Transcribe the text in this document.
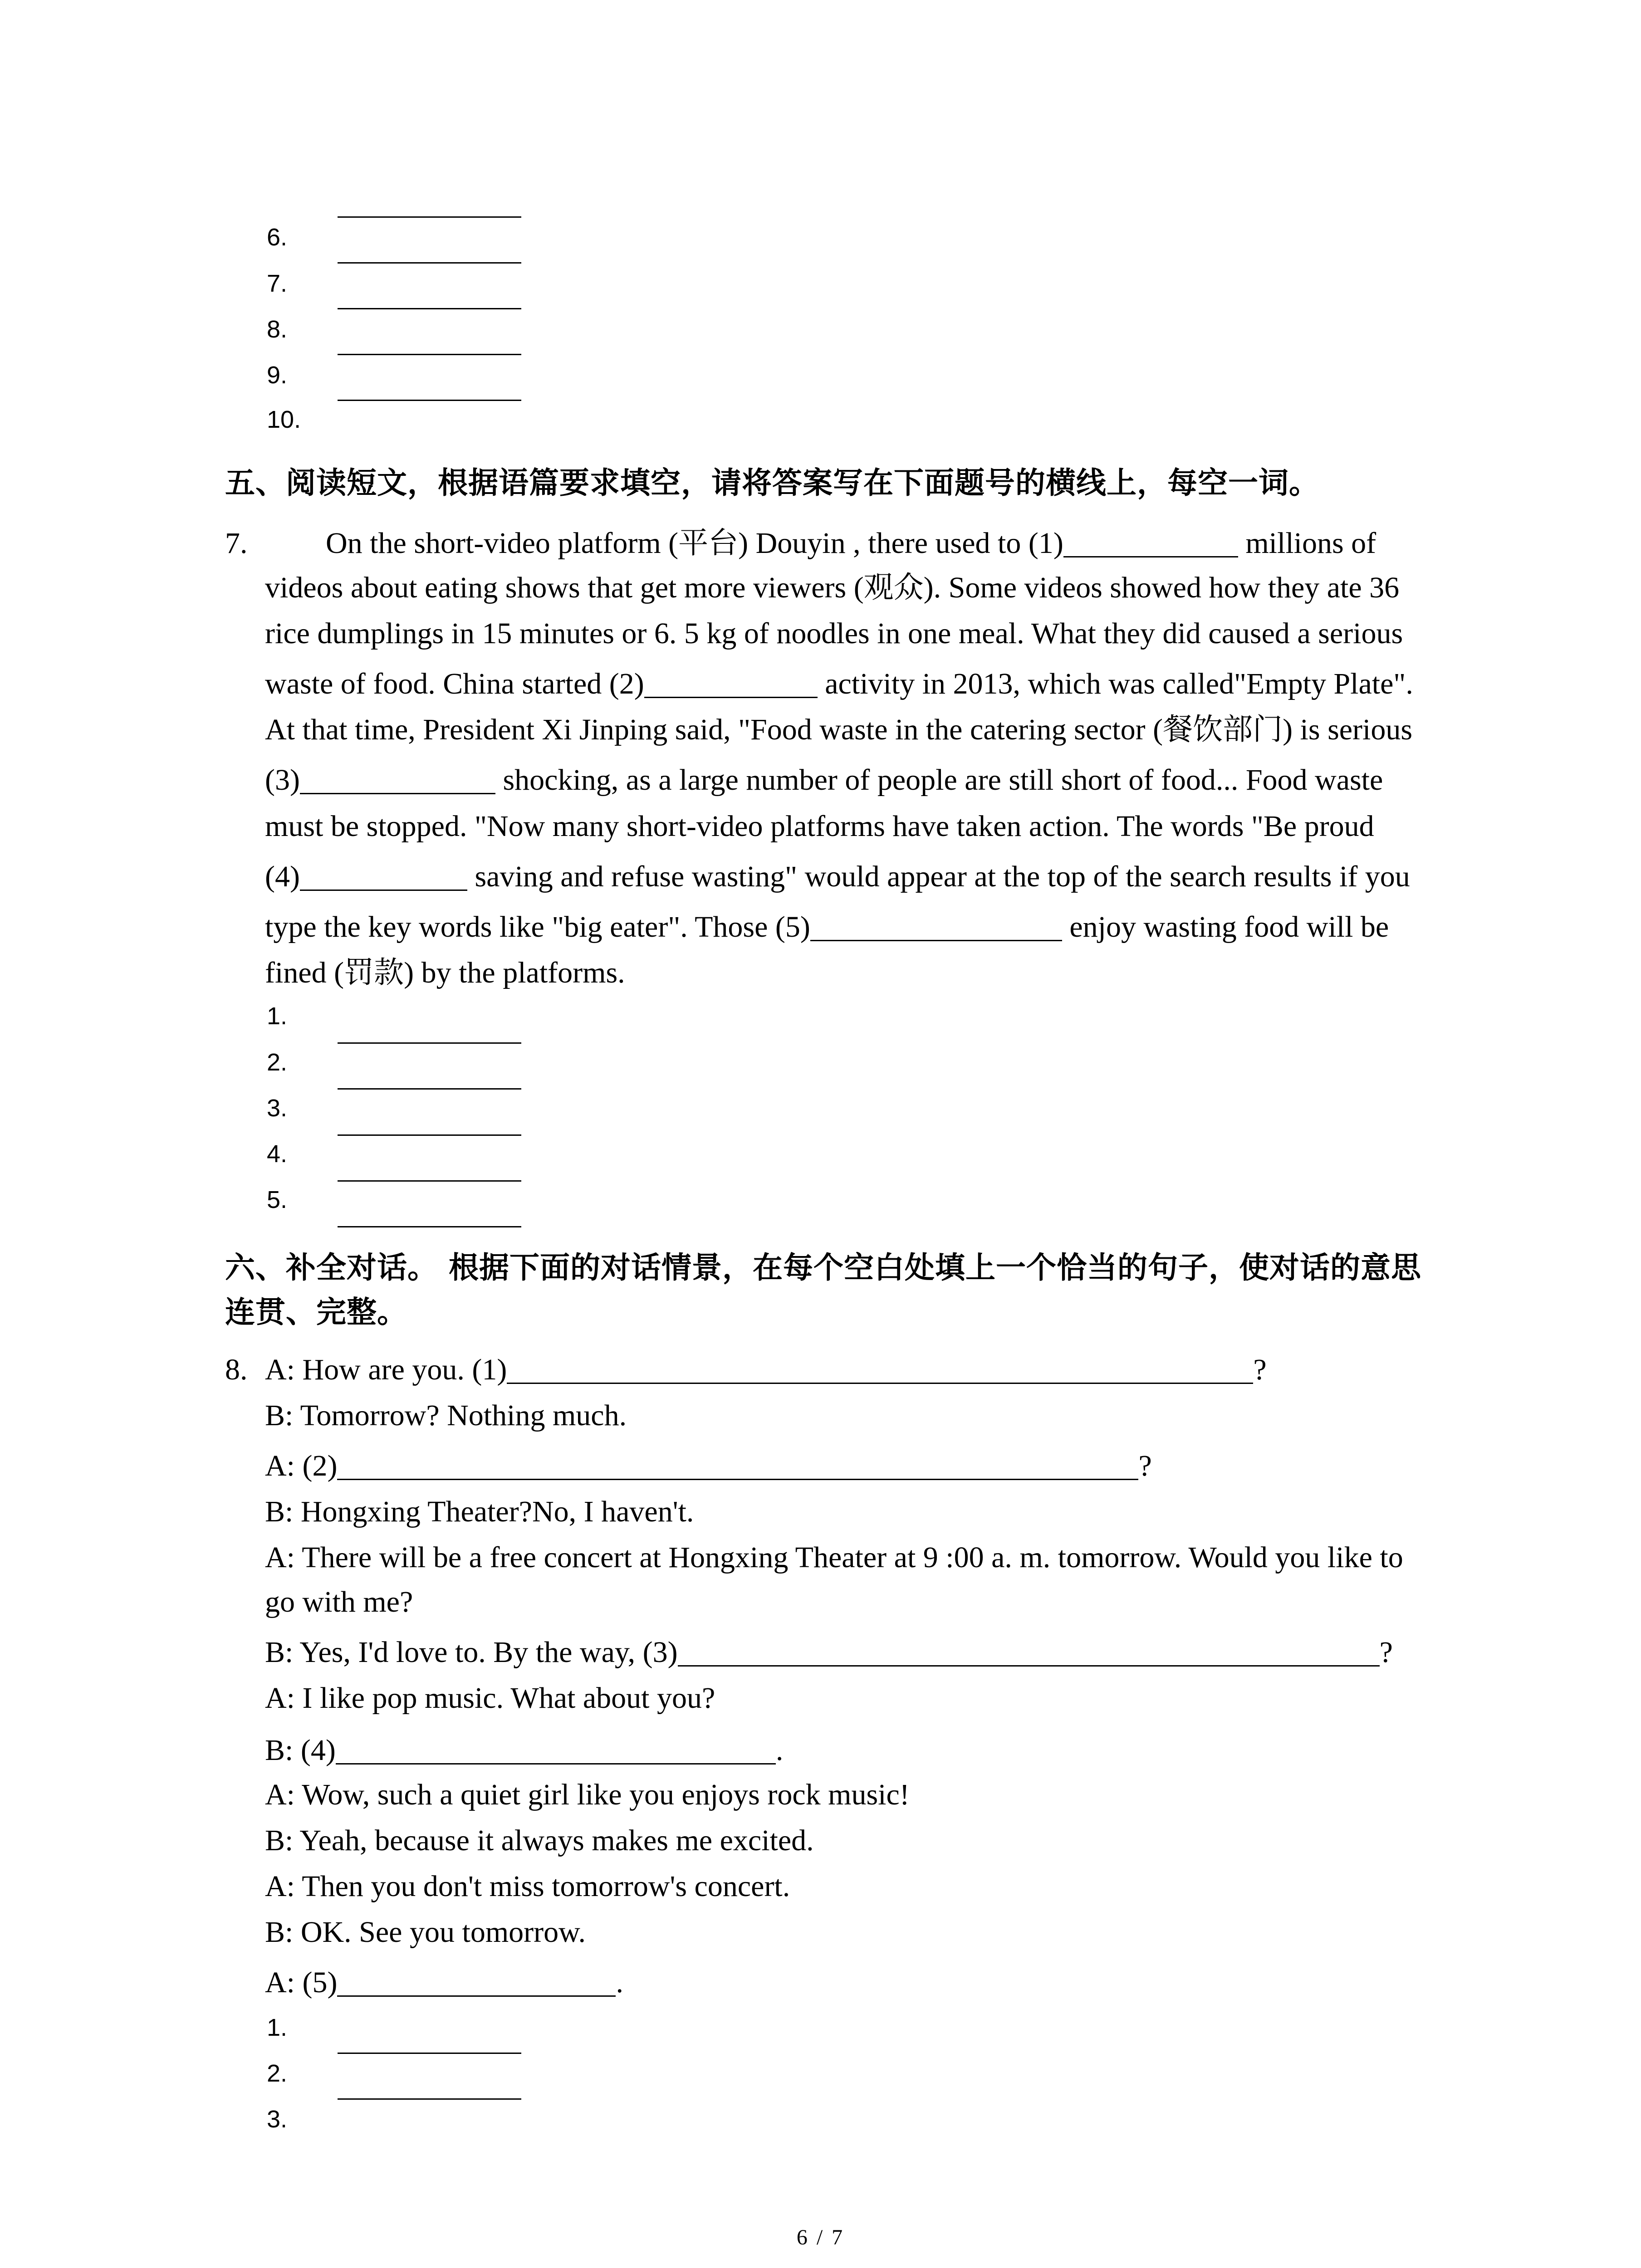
6.
7.
8.
9.
10.
五、阅读短文，根据语篇要求填空，请将答案写在下面题号的横线上，每空一词。
7.	On the short-video platform (平台) Douyin , there used to (1)	millions of
videos about eating shows that get more viewers (观众). Some videos showed how they ate 36
rice dumplings in 15 minutes or 6. 5 kg of noodles in one meal. What they did caused a serious
waste of food. China started (2)	activity in 2013, which was called"Empty Plate".
At that time, President Xi Jinping said, "Food waste in the catering sector (餐饮部门) is serious
(3)	shocking, as a large number of people are still short of food... Food waste
must be stopped. "Now many short-video platforms have taken action. The words "Be proud
(4)	saving and refuse wasting" would appear at the top of the search results if you
type the key words like "big eater". Those (5)	enjoy wasting food will be
fined (罚款) by the platforms.
1.
2.
3.
4.
5.
六、补全对话。 根据下面的对话情景，在每个空白处填上一个恰当的句子，使对话的意思
连贯、完整。
8. A: How are you. (1)	?
B: Tomorrow? Nothing much.
A: (2)	?
B: Hongxing Theater?No, I haven't.
A: There will be a free concert at Hongxing Theater at 9 :00 a. m. tomorrow. Would you like to
go with me?
B: Yes, I'd love to. By the way, (3)	?
A: I like pop music. What about you?
B: (4)	.
A: Wow, such a quiet girl like you enjoys rock music!
B: Yeah, because it always makes me excited.
A: Then you don't miss tomorrow's concert.
B: OK. See you tomorrow.
A: (5)	.
1.
2.
3.
6 / 7
